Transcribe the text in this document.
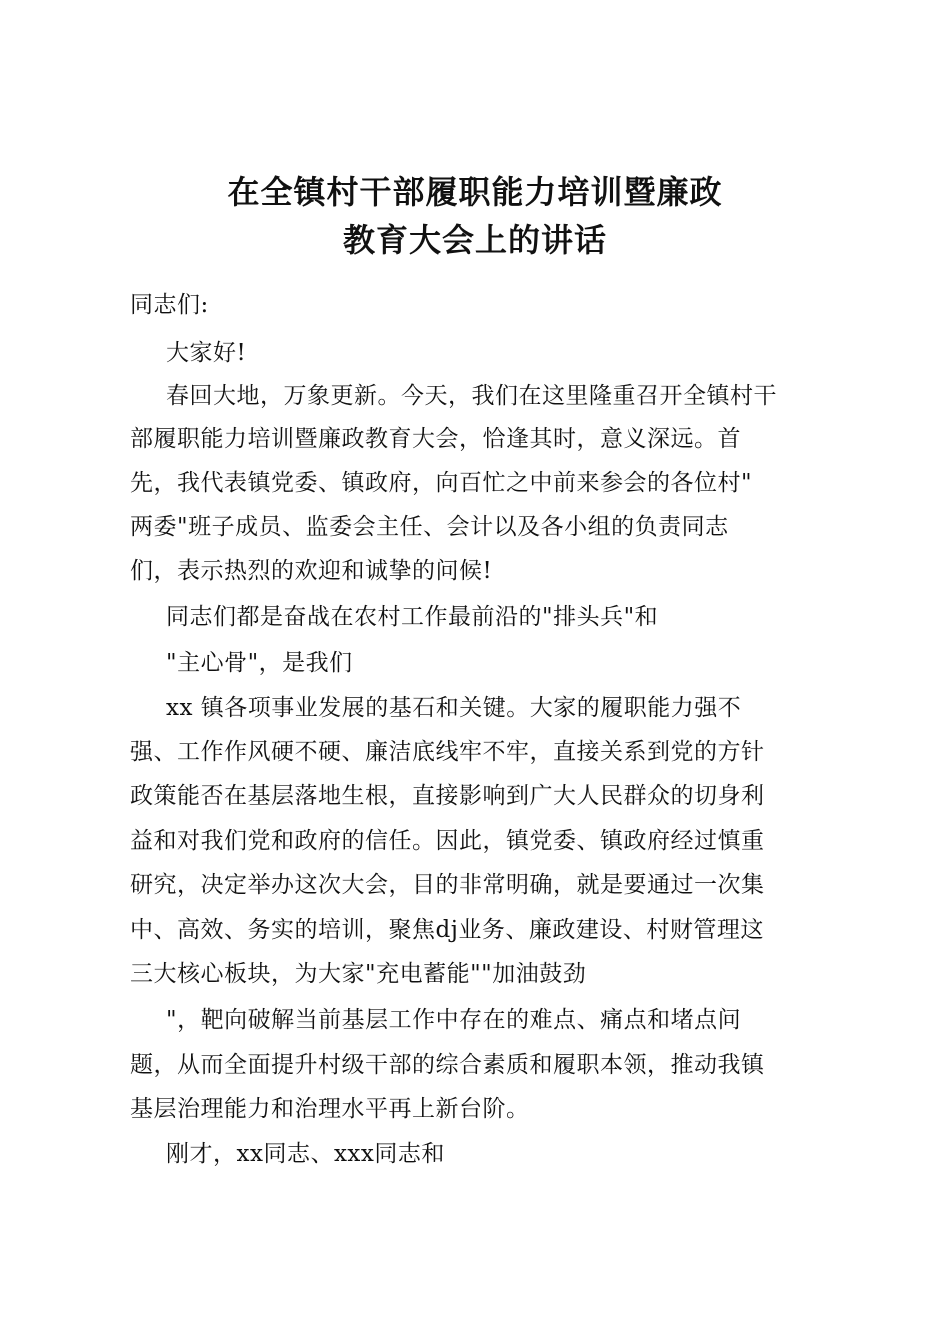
在全镇村干部履职能力培训暨廉政
教育大会上的讲话
同志们:
大家好!
春回大地，万象更新。今天，我们在这里隆重召开全镇村干
部履职能力培训暨廉政教育大会，恰逢其时，意义深远。首
先，我代表镇党委、镇政府，向百忙之中前来参会的各位村"
两委"班子成员、监委会主任、会计以及各小组的负责同志
们，表示热烈的欢迎和诚挚的问候!
同志们都是奋战在农村工作最前沿的"排头兵"和
"主心骨"，是我们
xx 镇各项事业发展的基石和关键。大家的履职能力强不
强、工作作风硬不硬、廉洁底线牢不牢，直接关系到党的方针
政策能否在基层落地生根，直接影响到广大人民群众的切身利
益和对我们党和政府的信任。因此，镇党委、镇政府经过慎重
研究，决定举办这次大会，目的非常明确，就是要通过一次集
中、高效、务实的培训，聚焦dj业务、廉政建设、村财管理这
三大核心板块，为大家"充电蓄能""加油鼓劲
"，靶向破解当前基层工作中存在的难点、痛点和堵点问
题，从而全面提升村级干部的综合素质和履职本领，推动我镇
基层治理能力和治理水平再上新台阶。
刚才，xx同志、xxx同志和
